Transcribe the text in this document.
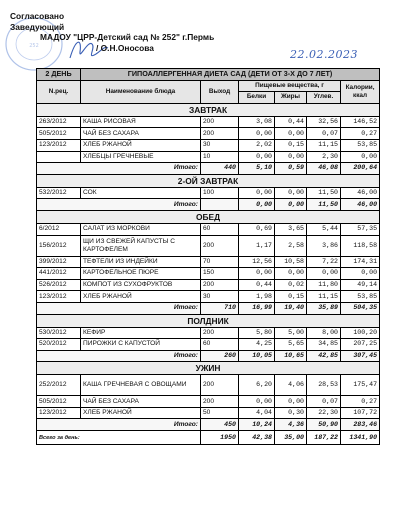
252
Согласовано
Заведующий
МАДОУ "ЦРР-Детский сад № 252" г.Пермь
/ О.Н.Оносова	22.02.2023
2 ДЕНЬ	ГИПОАЛЛЕРГЕННАЯ ДИЕТА САД (ДЕТИ ОТ 3-Х ДО 7 ЛЕТ)					
N.рец.	Наименование блюда	Выход	Пищевые вещества, г			Калории, ккал
			Белки	Жиры	Углев.	
ЗАВТРАК						
263/2012	КАША РИСОВАЯ	200	3,08	0,44	32,56	146,52
505/2012	ЧАЙ БЕЗ САХАРА	200	0,00	0,00	0,07	0,27
123/2012	ХЛЕБ РЖАНОЙ	30	2,02	0,15	11,15	53,85
	ХЛЕБЦЫ ГРЕЧНЕВЫЕ	10	0,00	0,00	2,30	0,00
Итого:		440	5,10	0,59	46,08	200,64
2-ОЙ ЗАВТРАК						
532/2012	СОК	100	0,00	0,00	11,50	46,00
Итого:			0,00	0,00	11,50	46,00
ОБЕД						
6/2012	САЛАТ ИЗ МОРКОВИ	60	0,69	3,65	5,44	57,35
156/2012	ЩИ ИЗ СВЕЖЕЙ КАПУСТЫ С КАРТОФЕЛЕМ	200	1,17	2,58	3,86	118,58
399/2012	ТЕФТЕЛИ ИЗ ИНДЕЙКИ	70	12,56	10,58	7,22	174,31
441/2012	КАРТОФЕЛЬНОЕ ПЮРЕ	150	0,00	0,00	0,00	0,00
526/2012	КОМПОТ ИЗ СУХОФРУКТОВ	200	0,44	0,02	11,80	49,14
123/2012	ХЛЕБ РЖАНОЙ	30	1,98	0,15	11,15	53,85
Итого:		710	16,99	19,40	35,89	504,35
ПОЛДНИК						
530/2012	КЕФИР	200	5,80	5,00	8,00	100,20
520/2012	ПИРОЖКИ С КАПУСТОЙ	60	4,25	5,65	34,85	207,25
Итого:		260	10,05	10,65	42,85	307,45
УЖИН						
252/2012	КАША ГРЕЧНЕВАЯ С ОВОЩАМИ	200	6,20	4,06	28,53	175,47
505/2012	ЧАЙ БЕЗ САХАРА	200	0,00	0,00	0,07	0,27
123/2012	ХЛЕБ РЖАНОЙ	50	4,04	0,30	22,30	107,72
Итого:		450	10,24	4,36	50,90	283,46
Всего за день:		1950	42,38	35,00	187,22	1341,90
